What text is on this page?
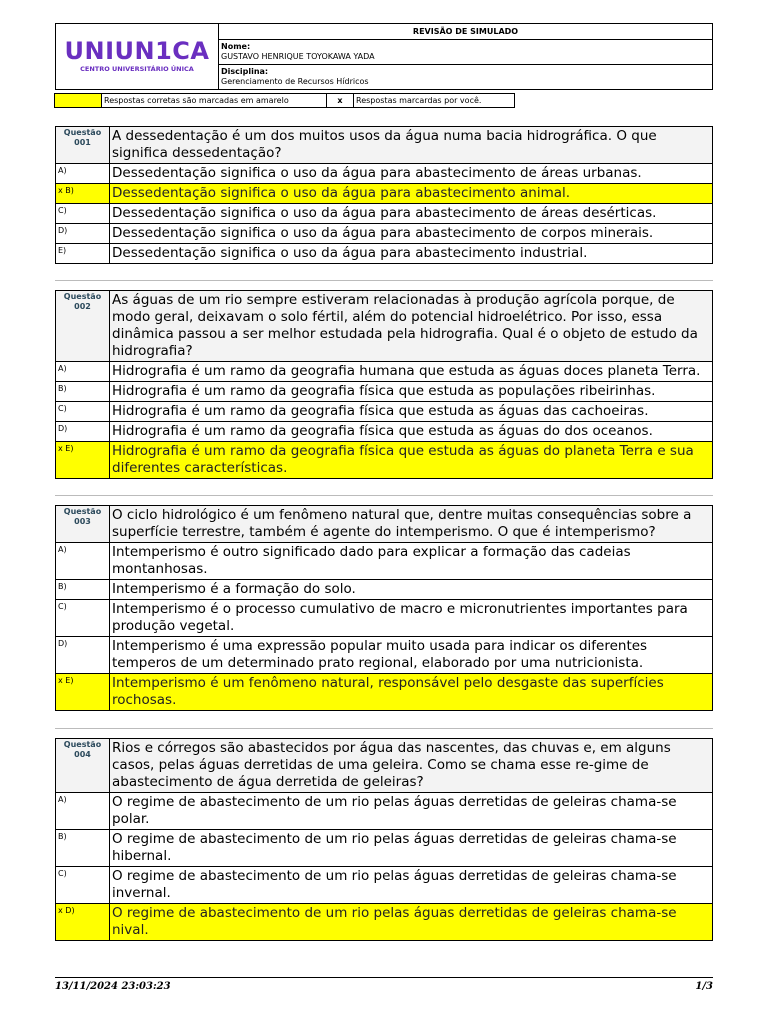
UNIUN1CA
CENTRO UNIVERSITÁRIO ÚNICA
	REVISÃO DE SIMULADO

Nome:
GUSTAVO HENRIQUE TOYOKAWA YADA

Disciplina:
Gerenciamento de Recursos Hídricos
Respostas corretas são marcadas em amarelo	x	Respostas marcardas por você.
Questão
001	A dessedentação é um dos muitos usos da água numa bacia hidrográfica. O que significa dessedentação?
A)	Dessedentação significa o uso da água para abastecimento de áreas urbanas.
x B)	Dessedentação significa o uso da água para abastecimento animal.
C)	Dessedentação significa o uso da água para abastecimento de áreas desérticas.
D)	Dessedentação significa o uso da água para abastecimento de corpos minerais.
E)	Dessedentação significa o uso da água para abastecimento industrial.
Questão
002	As águas de um rio sempre estiveram relacionadas à produção agrícola porque, de modo geral, deixavam o solo fértil, além do potencial hidroelétrico. Por isso, essa dinâmica passou a ser melhor estudada pela hidrografia. Qual é o objeto de estudo da hidrografia?
A)	Hidrografia é um ramo da geografia humana que estuda as águas doces planeta Terra.
B)	Hidrografia é um ramo da geografia física que estuda as populações ribeirinhas.
C)	Hidrografia é um ramo da geografia física que estuda as águas das cachoeiras.
D)	Hidrografia é um ramo da geografia física que estuda as águas do dos oceanos.
x E)	Hidrografia é um ramo da geografia física que estuda as águas do planeta Terra e sua diferentes características.
Questão
003	O ciclo hidrológico é um fenômeno natural que, dentre muitas consequências sobre a superfície terrestre, também é agente do intemperismo. O que é intemperismo?
A)	Intemperismo é outro significado dado para explicar a formação das cadeias montanhosas.
B)	Intemperismo é a formação do solo.
C)	Intemperismo é o processo cumulativo de macro e micronutrientes importantes para produção vegetal.
D)	Intemperismo é uma expressão popular muito usada para indicar os diferentes temperos de um determinado prato regional, elaborado por uma nutricionista.
x E)	Intemperismo é um fenômeno natural, responsável pelo desgaste das superfícies rochosas.
Questão
004	Rios e córregos são abastecidos por água das nascentes, das chuvas e, em alguns casos, pelas águas derretidas de uma geleira. Como se chama esse re-gime de abastecimento de água derretida de geleiras?
A)	O regime de abastecimento de um rio pelas águas derretidas de geleiras chama-se polar.
B)	O regime de abastecimento de um rio pelas águas derretidas de geleiras chama-se hibernal.
C)	O regime de abastecimento de um rio pelas águas derretidas de geleiras chama-se invernal.
x D)	O regime de abastecimento de um rio pelas águas derretidas de geleiras chama-se nival.
13/11/2024 23:03:23	1/3
